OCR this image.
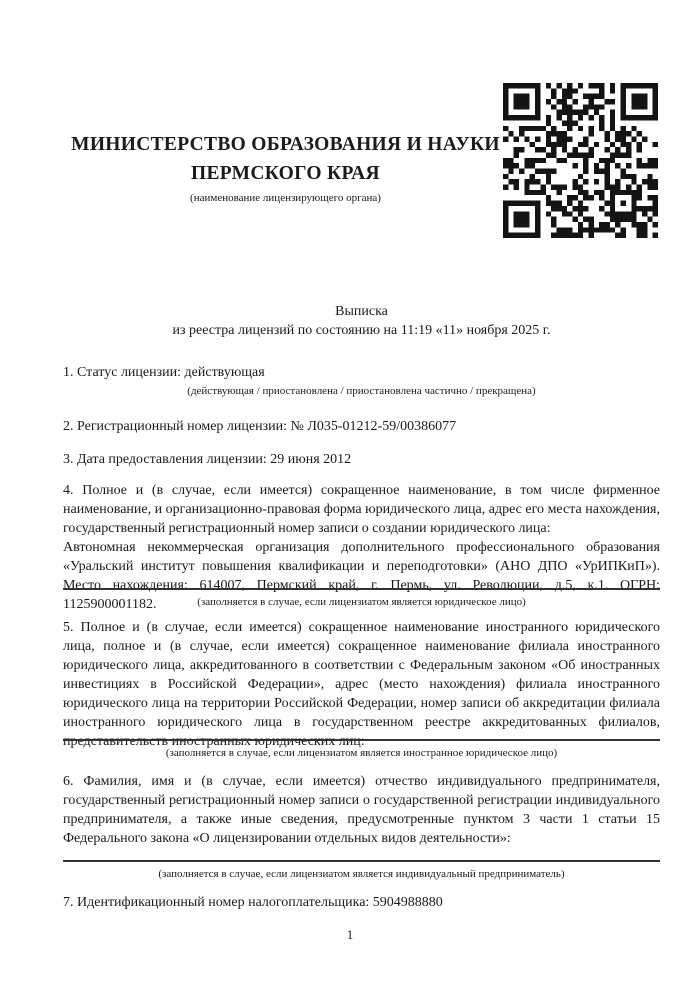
МИНИСТЕРСТВО ОБРАЗОВАНИЯ И НАУКИ
ПЕРМСКОГО КРАЯ
(наименование лицензирующего органа)
Выписка
из реестра лицензий по состоянию на 11:19 «11» ноября 2025 г.
1. Статус лицензии: действующая
(действующая / приостановлена / приостановлена частично / прекращена)
2. Регистрационный номер лицензии: № Л035-01212-59/00386077
3. Дата предоставления лицензии: 29 июня 2012
4. Полное и (в случае, если имеется) сокращенное наименование, в том числе фирменное наименование, и организационно-правовая форма юридического лица, адрес его места нахождения, государственный регистрационный номер записи о создании юридического лица:
Автономная некоммерческая организация дополнительного профессионального образования «Уральский институт повышения квалификации и переподготовки» (АНО ДПО «УрИПКиП»). Место нахождения: 614007, Пермский край, г. Пермь, ул. Революции, д.5, к.1. ОГРН: 1125900001182.	(заполняется в случае, если лицензиатом является юридическое лицо)
5. Полное и (в случае, если имеется) сокращенное наименование иностранного юридического лица, полное и (в случае, если имеется) сокращенное наименование филиала иностранного юридического лица, аккредитованного в соответствии с Федеральным законом «Об иностранных инвестициях в Российской Федерации», адрес (место нахождения) филиала иностранного юридического лица на территории Российской Федерации, номер записи об аккредитации филиала иностранного юридического лица в государственном реестре аккредитованных филиалов, представительств иностранных юридических лиц:
(заполняется в случае, если лицензиатом является иностранное юридическое лицо)
6. Фамилия, имя и (в случае, если имеется) отчество индивидуального предпринимателя, государственный регистрационный номер записи о государственной регистрации индивидуального предпринимателя, а также иные сведения, предусмотренные пунктом 3 части 1 статьи 15 Федерального закона «О лицензировании отдельных видов деятельности»:
(заполняется в случае, если лицензиатом является индивидуальный предприниматель)
7. Идентификационный номер налогоплательщика: 5904988880
1
